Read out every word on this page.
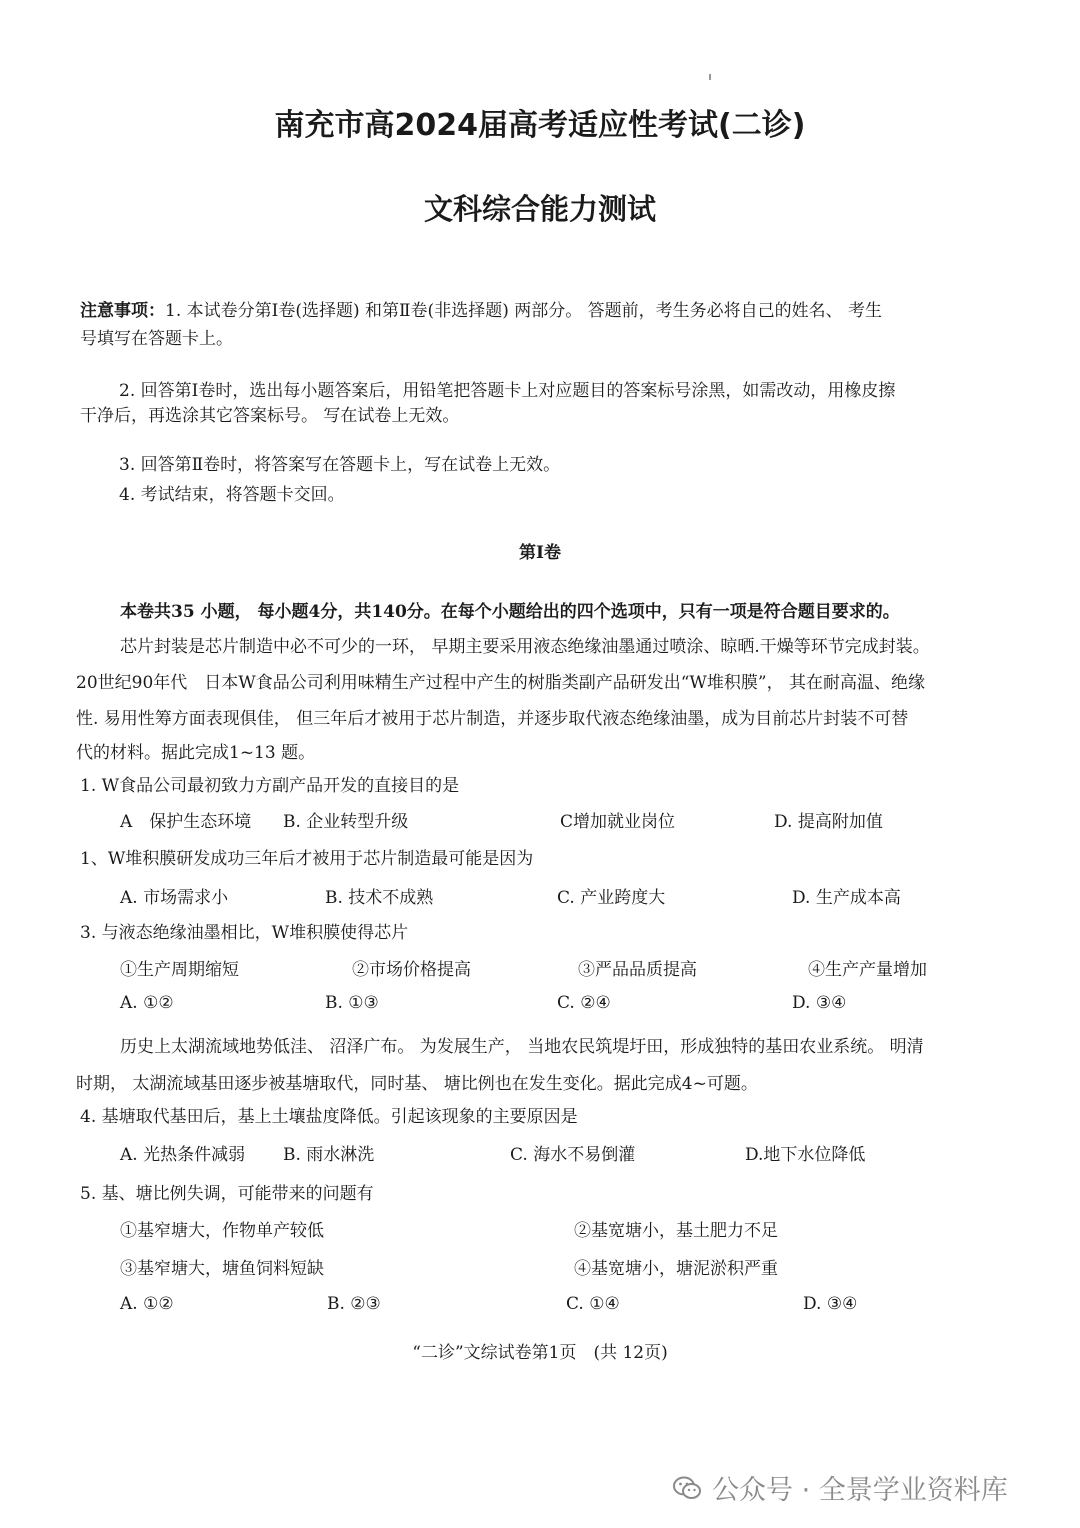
南充市高2024届高考适应性考试(二诊)
文科综合能力测试
注意事项：1. 本试卷分第Ⅰ卷(选择题) 和第Ⅱ卷(非选择题) 两部分。 答题前，考生务必将自己的姓名、 考生
号填写在答题卡上。
2. 回答第Ⅰ卷时，选出每小题答案后，用铅笔把答题卡上对应题目的答案标号涂黑，如需改动，用橡皮擦
干净后，再选涂其它答案标号。 写在试卷上无效。
3. 回答第Ⅱ卷时，将答案写在答题卡上，写在试卷上无效。
4. 考试结束，将答题卡交回。
第Ⅰ卷
本卷共35 小题， 每小题4分，共140分。在每个小题给出的四个选项中，只有一项是符合题目要求的。
芯片封装是芯片制造中必不可少的一环， 早期主要采用液态绝缘油墨通过喷涂、晾晒.干燥等环节完成封装。
20世纪90年代　日本W食品公司利用味精生产过程中产生的树脂类副产品研发出“W堆积膜”， 其在耐高温、绝缘
性. 易用性筹方面表现俱佳， 但三年后才被用于芯片制造，并逐步取代液态绝缘油墨，成为目前芯片封装不可替
代的材料。据此完成1~13 题。
1. W食品公司最初致力方副产品开发的直接目的是
A　保护生态环境 B. 企业转型升级	C增加就业岗位	D. 提高附加值
1、W堆积膜研发成功三年后才被用于芯片制造最可能是因为
A. 市场需求小	B. 技术不成熟	C. 产业跨度大	D. 生产成本高
3. 与液态绝缘油墨相比，W堆积膜使得芯片
①生产周期缩短	②市场价格提高	③严品品质提高	④生产产量增加
A. ①②	B. ①③	C. ②④	D. ③④
历史上太湖流域地势低洼、 沼泽广布。 为发展生产， 当地农民筑堤圩田，形成独特的基田农业系统。 明清
时期， 太湖流域基田逐步被基塘取代，同时基、 塘比例也在发生变化。据此完成4~可题。
4. 基塘取代基田后，基上土壤盐度降低。引起该现象的主要原因是
A. 光热条件减弱 B. 雨水淋洗	C. 海水不易倒灌	D.地下水位降低
5. 基、塘比例失调，可能带来的问题有
①基窄塘大，作物单产较低	②基宽塘小，基土肥力不足
③基窄塘大，塘鱼饲料短缺	④基宽塘小，塘泥淤积严重
A. ①②	B. ②③	C. ①④	D. ③④
“二诊”文综试卷第1页　(共 12页)
公众号 · 全景学业资料库
